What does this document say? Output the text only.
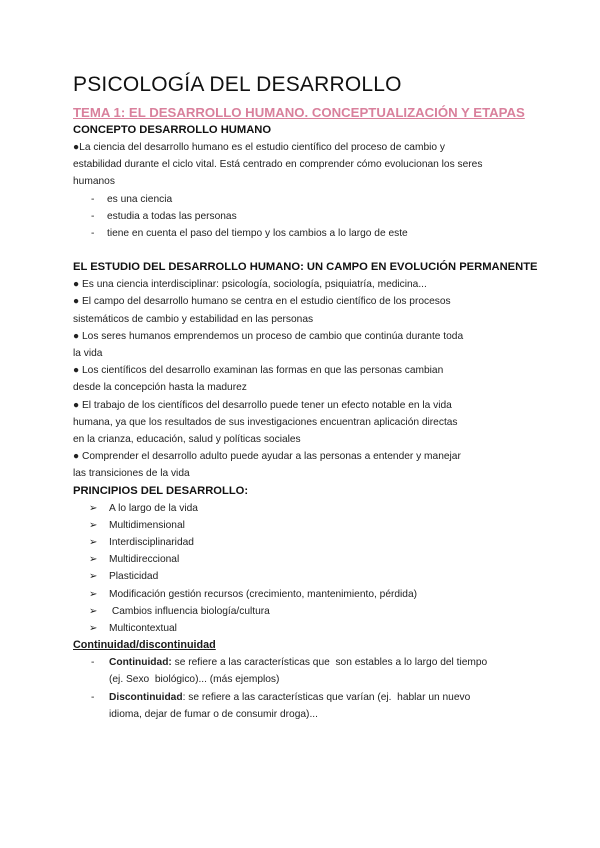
PSICOLOGÍA DEL DESARROLLO
TEMA 1: EL DESARROLLO HUMANO. CONCEPTUALIZACIÓN Y ETAPAS
CONCEPTO DESARROLLO HUMANO
●La ciencia del desarrollo humano es el estudio científico del proceso de cambio y
estabilidad durante el ciclo vital. Está centrado en comprender cómo evolucionan los seres
humanos
- es una ciencia
- estudia a todas las personas
- tiene en cuenta el paso del tiempo y los cambios a lo largo de este
EL ESTUDIO DEL DESARROLLO HUMANO: UN CAMPO EN EVOLUCIÓN PERMANENTE
● Es una ciencia interdisciplinar: psicología, sociología, psiquiatría, medicina...
● El campo del desarrollo humano se centra en el estudio científico de los procesos
sistemáticos de cambio y estabilidad en las personas
● Los seres humanos emprendemos un proceso de cambio que continúa durante toda
la vida
● Los científicos del desarrollo examinan las formas en que las personas cambian
desde la concepción hasta la madurez
● El trabajo de los científicos del desarrollo puede tener un efecto notable en la vida
humana, ya que los resultados de sus investigaciones encuentran aplicación directas
en la crianza, educación, salud y políticas sociales
● Comprender el desarrollo adulto puede ayudar a las personas a entender y manejar
las transiciones de la vida
PRINCIPIOS DEL DESARROLLO:
➢ A lo largo de la vida
➢ Multidimensional
➢ Interdisciplinaridad
➢ Multidireccional
➢ Plasticidad
➢ Modificación gestión recursos (crecimiento, mantenimiento, pérdida)
➢ Cambios influencia biología/cultura
➢ Multicontextual
Continuidad/discontinuidad
- Continuidad: se refiere a las características que  son estables a lo largo del tiempo
(ej. Sexo  biológico)... (más ejemplos)
- Discontinuidad: se refiere a las características que varían (ej.  hablar un nuevo
idioma, dejar de fumar o de consumir droga)...
